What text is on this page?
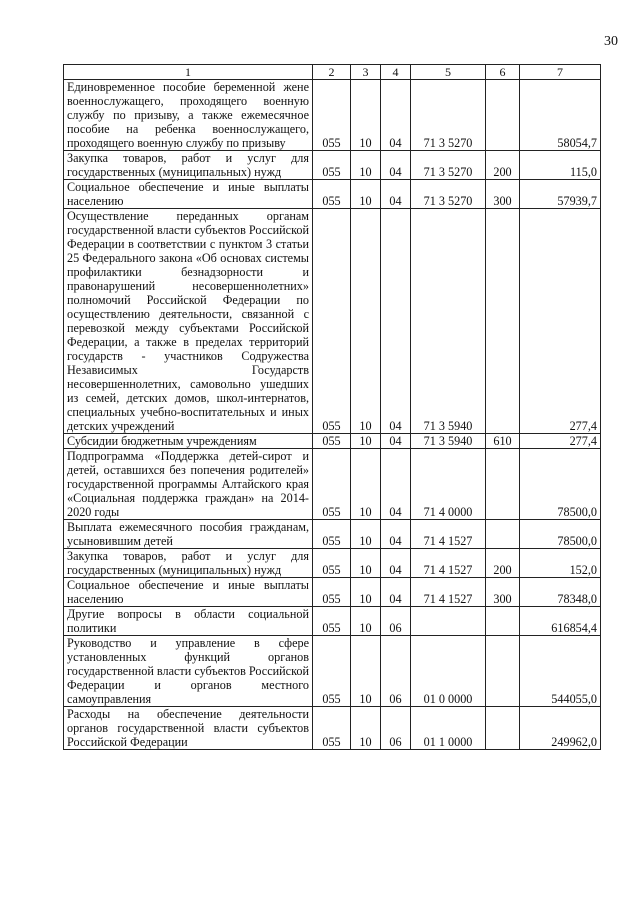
30
1	2	3	4	5	6	7
Единовременное пособие беременной жене военнослужащего, проходящего военную службу по призыву, а также ежемесячное пособие на ребенка военнослужащего, проходящего военную службу по призыву	055	10	04	71 3 5270		58054,7
Закупка товаров, работ и услуг для государственных (муниципальных) нужд	055	10	04	71 3 5270	200	115,0
Социальное обеспечение и иные выплаты населению	055	10	04	71 3 5270	300	57939,7
Осуществление переданных органам государственной власти субъектов Российской Федерации в соответствии с пунктом 3 статьи 25 Федерального закона «Об основах системы профилактики безнадзорности и правонарушений несовершеннолетних» полномочий Российской Федерации по осуществлению деятельности, связанной с перевозкой между субъектами Российской Федерации, а также в пределах территорий государств - участников Содружества Независимых Государств несовершеннолетних, самовольно ушедших из семей, детских домов, школ-интернатов, специальных учебно-воспитательных и иных детских учреждений	055	10	04	71 3 5940		277,4
Субсидии бюджетным учреждениям	055	10	04	71 3 5940	610	277,4
Подпрограмма «Поддержка детей-сирот и детей, оставшихся без попечения родителей» государственной программы Алтайского края «Социальная поддержка граждан» на 2014-2020 годы	055	10	04	71 4 0000		78500,0
Выплата ежемесячного пособия гражданам, усыновившим детей	055	10	04	71 4 1527		78500,0
Закупка товаров, работ и услуг для государственных (муниципальных) нужд	055	10	04	71 4 1527	200	152,0
Социальное обеспечение и иные выплаты населению	055	10	04	71 4 1527	300	78348,0
Другие вопросы в области социальной политики	055	10	06			616854,4
Руководство и управление в сфере установленных функций органов государственной власти субъектов Российской Федерации и органов местного самоуправления	055	10	06	01 0 0000		544055,0
Расходы на обеспечение деятельности органов государственной власти субъектов Российской Федерации	055	10	06	01 1 0000		249962,0
